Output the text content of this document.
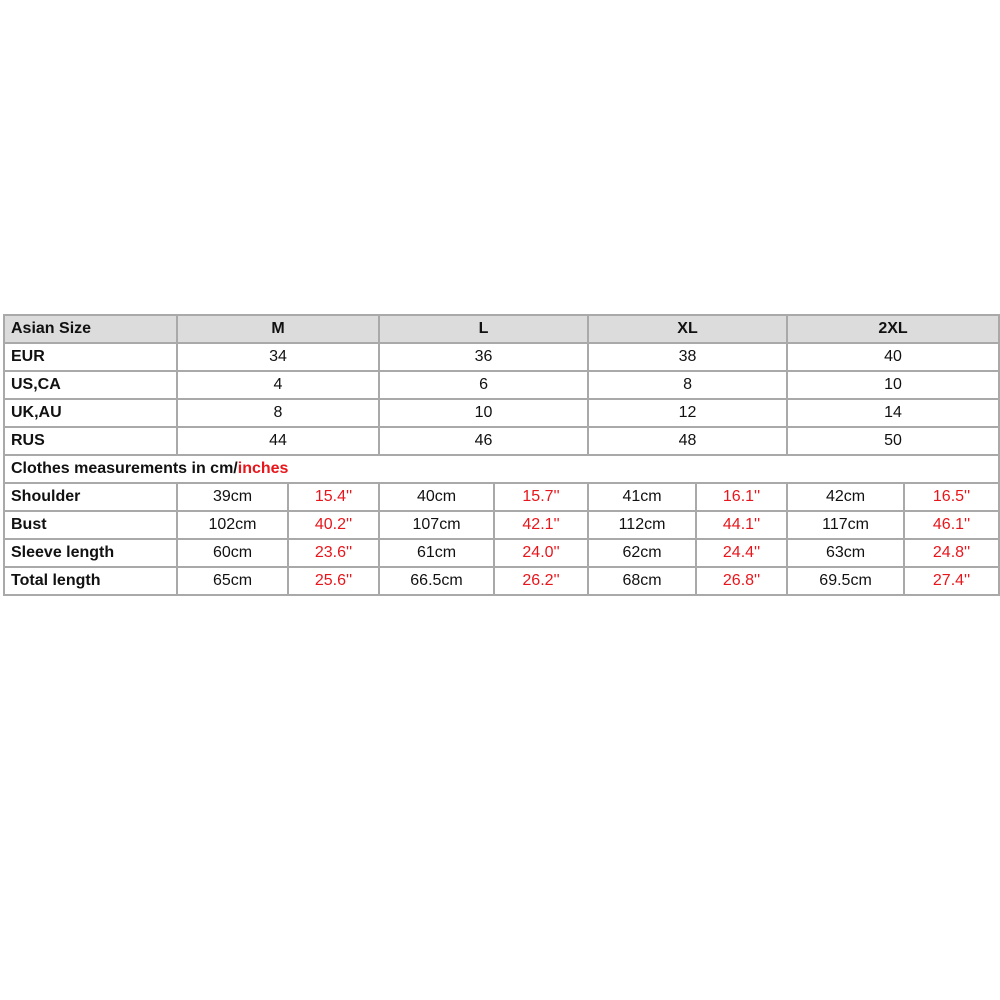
Asian Size	M		L		XL		2XL	
EUR	34		36		38		40	
US,CA	4		6		8		10	
UK,AU	8		10		12		14	
RUS	44		46		48		50	
Clothes measurements in cm/inches								
Shoulder	39cm	15.4''	40cm	15.7''	41cm	16.1''	42cm	16.5''
Bust	102cm	40.2''	107cm	42.1''	112cm	44.1''	117cm	46.1''
Sleeve length	60cm	23.6''	61cm	24.0''	62cm	24.4''	63cm	24.8''
Total length	65cm	25.6''	66.5cm	26.2''	68cm	26.8''	69.5cm	27.4''
